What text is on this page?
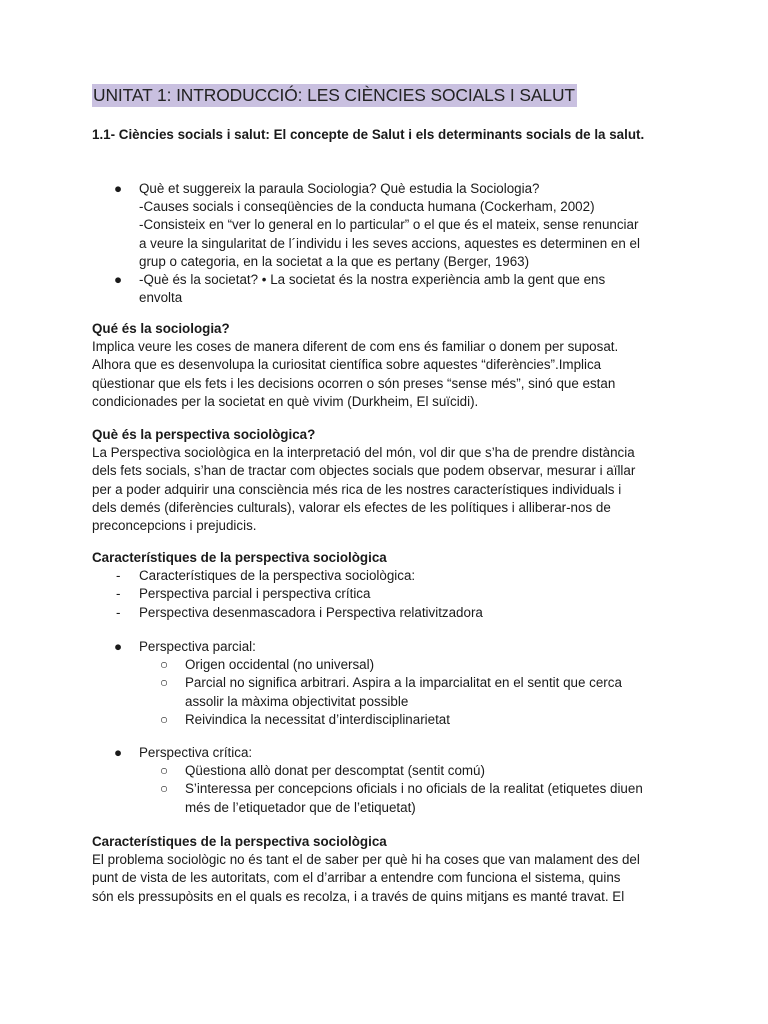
UNITAT 1: INTRODUCCIÓ: LES CIÈNCIES SOCIALS I SALUT
1.1- Ciències socials i salut: El concepte de Salut i els determinants socials de la salut.
● Què et suggereix la paraula Sociologia? Què estudia la Sociologia?
-Causes socials i conseqüències de la conducta humana (Cockerham, 2002)
-Consisteix en “ver lo general en lo particular” o el que és el mateix, sense renunciar
a veure la singularitat de l´individu i les seves accions, aquestes es determinen en el
grup o categoria, en la societat a la que es pertany (Berger, 1963)
● -Què és la societat? • La societat és la nostra experiència amb la gent que ens
envolta

Qué és la sociologia?

Implica veure les coses de manera diferent de com ens és familiar o donem per suposat.

Alhora que es desenvolupa la curiositat científica sobre aquestes “diferències”.Implica

qüestionar que els fets i les decisions ocorren o són preses “sense més”, sinó que estan

condicionades per la societat en què vivim (Durkheim, El suïcidi).

Què és la perspectiva sociològica?

La Perspectiva sociològica en la interpretació del món, vol dir que s’ha de prendre distància

dels fets socials, s’han de tractar com objectes socials que podem observar, mesurar i aïllar

per a poder adquirir una consciència més rica de les nostres característiques individuals i

dels demés (diferències culturals), valorar els efectes de les polítiques i alliberar-nos de

preconcepcions i prejudicis.

Característiques de la perspectiva sociològica
- Característiques de la perspectiva sociològica:
- Perspectiva parcial i perspectiva crítica
- Perspectiva desenmascadora i Perspectiva relativitzadora
● Perspectiva parcial:
○ Origen occidental (no universal)
○ Parcial no significa arbitrari. Aspira a la imparcialitat en el sentit que cerca
assolir la màxima objectivitat possible
○ Reivindica la necessitat d’interdisciplinarietat
● Perspectiva crítica:
○ Qüestiona allò donat per descomptat (sentit comú)
○ S’interessa per concepcions oficials i no oficials de la realitat (etiquetes diuen
més de l’etiquetador que de l’etiquetat)

Característiques de la perspectiva sociològica

El problema sociològic no és tant el de saber per què hi ha coses que van malament des del

punt de vista de les autoritats, com el d’arribar a entendre com funciona el sistema, quins

són els pressupòsits en el quals es recolza, i a través de quins mitjans es manté travat. El
